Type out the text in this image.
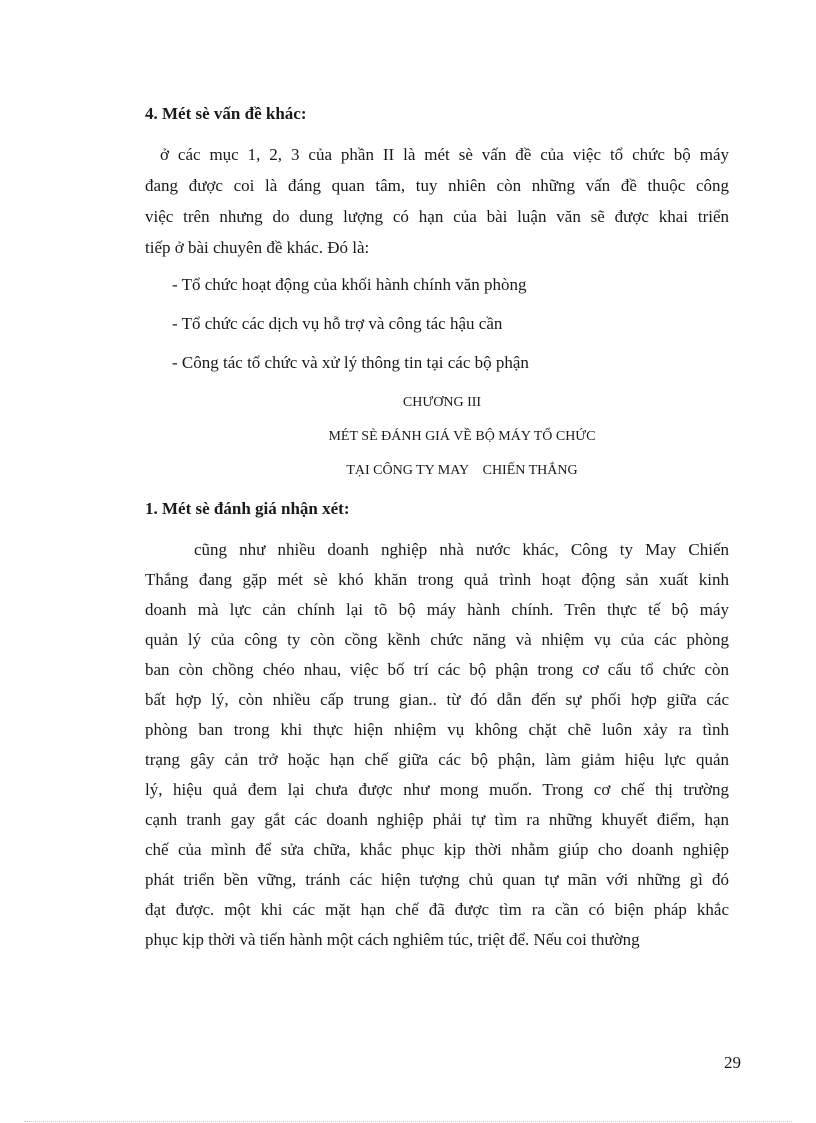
4. Mét sè vấn đề khác:
ở các mục 1, 2, 3 của phần II là mét sè vấn đề của việc tổ chức bộ máy
đang được coi là đáng quan tâm, tuy nhiên còn những vấn đề thuộc công
việc trên nhưng do dung lượng có hạn của bài luận văn sẽ được khai triển
tiếp ở bài chuyên đề khác. Đó là:
- Tổ chức hoạt động của khối hành chính văn phòng
- Tổ chức các dịch vụ hỗ trợ và công tác hậu cần
- Công tác tổ chức và xử lý thông tin tại các bộ phận
CHƯƠNG III
MÉT SÈ ĐÁNH GIÁ VỀ BỘ MÁY TỔ CHỨC
TẠI CÔNG TY MAY    CHIẾN THẮNG
1. Mét sè đánh giá nhận xét:
cũng như nhiều doanh nghiệp nhà nước khác, Công ty May Chiến
Thắng đang gặp mét sè khó khăn trong quả trình hoạt động sản xuất kinh
doanh mà lực cản chính lại tõ bộ máy hành chính. Trên thực tế bộ máy
quản lý của công ty còn cồng kềnh chức năng và nhiệm vụ của các phòng
ban còn chồng chéo nhau, việc bố trí các bộ phận trong cơ cấu tổ chức còn
bất hợp lý, còn nhiều cấp trung gian.. từ đó dẫn đến sự phối hợp giữa các
phòng ban trong khi thực hiện nhiệm vụ không chặt chẽ luôn xảy ra tình
trạng gây cản trở hoặc hạn chế giữa các bộ phận, làm giảm hiệu lực quản
lý, hiệu quả đem lại chưa được như mong muốn. Trong cơ chế thị trường
cạnh tranh gay gắt các doanh nghiệp phải tự tìm ra những khuyết điểm, hạn
chế của mình để sửa chữa, khắc phục kịp thời nhằm giúp cho doanh nghiệp
phát triển bền vững, tránh các hiện tượng chủ quan tự mãn với những gì đó
đạt được. một khi các mặt hạn chế đã được tìm ra cần có biện pháp khắc
phục kịp thời và tiến hành một cách nghiêm túc, triệt để. Nếu coi thường
29
